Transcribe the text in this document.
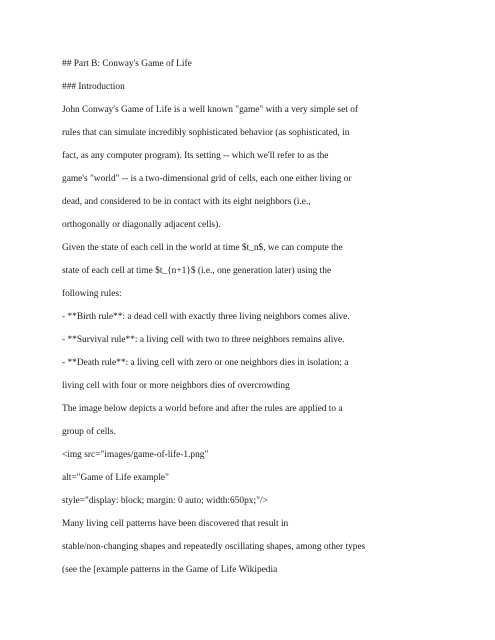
## Part B: Conway's Game of Life
### Introduction
John Conway's Game of Life is a well known "game" with a very simple set of
rules that can simulate incredibly sophisticated behavior (as sophisticated, in
fact, as any computer program). Its setting -- which we'll refer to as the
game's "world" -- is a two-dimensional grid of cells, each one either living or
dead, and considered to be in contact with its eight neighbors (i.e.,
orthogonally or diagonally adjacent cells).
Given the state of each cell in the world at time $t_n$, we can compute the
state of each cell at time $t_{n+1}$ (i.e., one generation later) using the
following rules:
- **Birth rule**: a dead cell with exactly three living neighbors comes alive.
- **Survival rule**: a living cell with two to three neighbors remains alive.
- **Death rule**: a living cell with zero or one neighbors dies in isolation; a
living cell with four or more neighbors dies of overcrowding
The image below depicts a world before and after the rules are applied to a
group of cells.
<img src="images/game-of-life-1.png"
alt="Game of Life example"
style="display: block; margin: 0 auto; width:650px;"/>
Many living cell patterns have been discovered that result in
stable/non-changing shapes and repeatedly oscillating shapes, among other types
(see the [example patterns in the Game of Life Wikipedia
